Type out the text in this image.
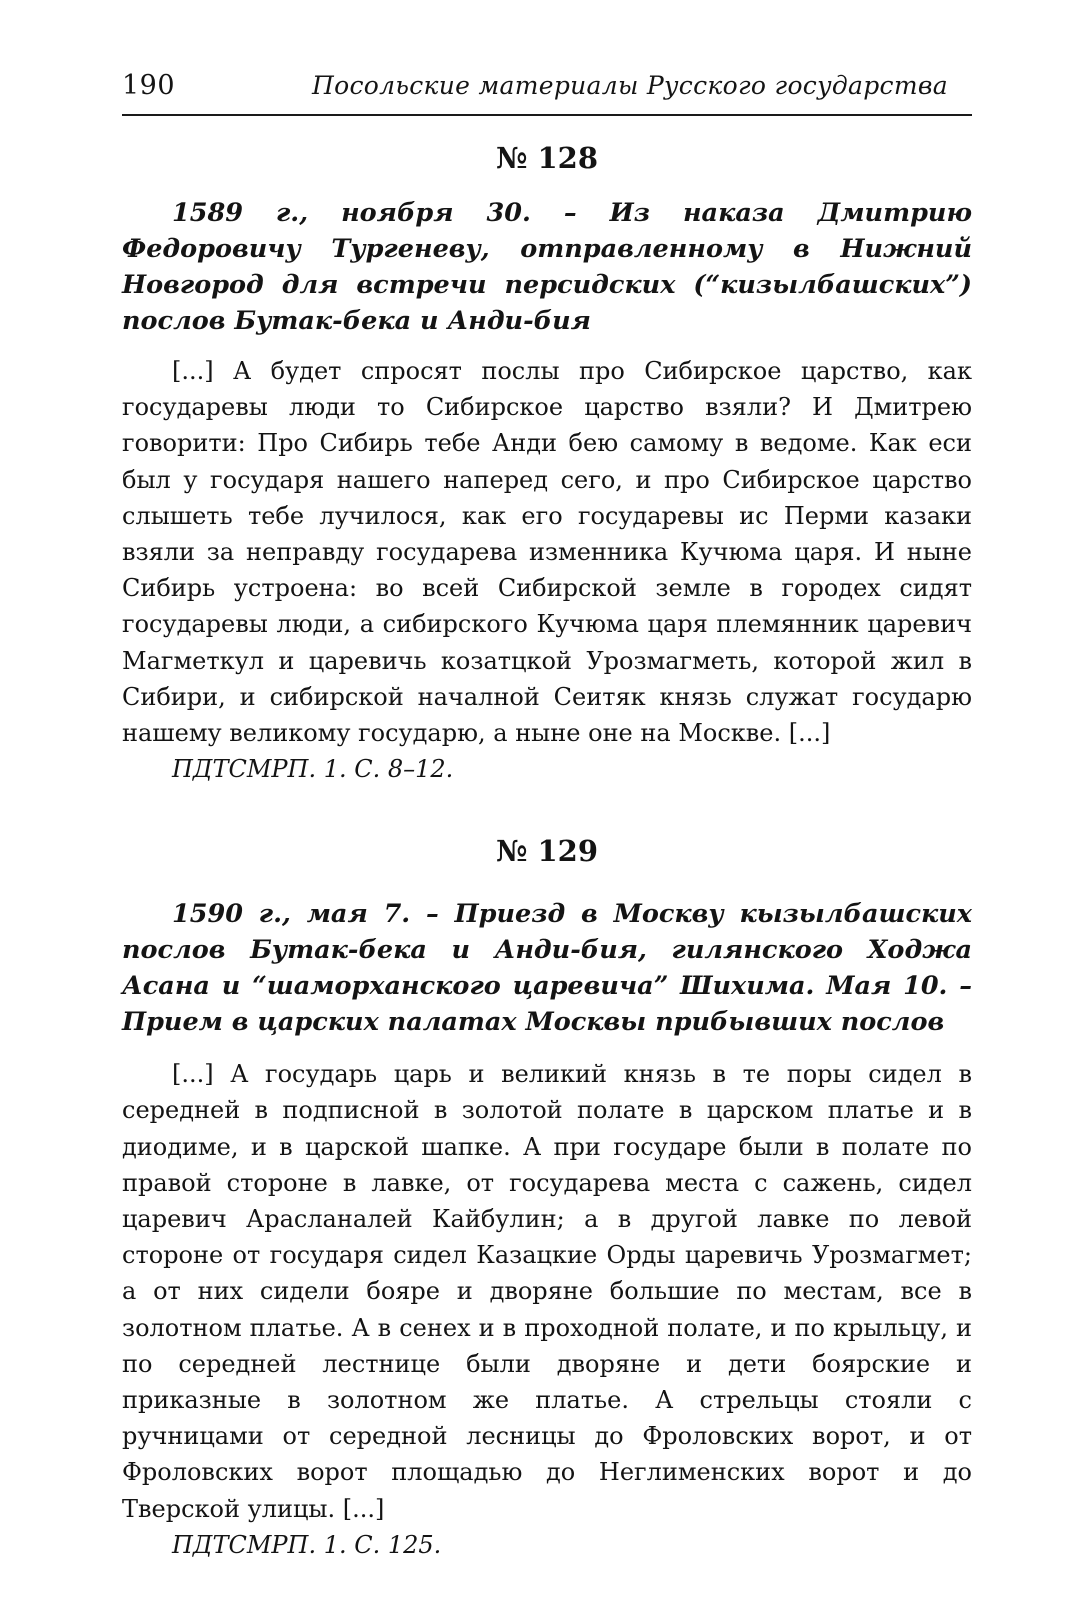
190	Посольские материалы Русского государства
№ 128

1589 г., ноября 30. – Из наказа Дмитрию Федоровичу Тургеневу, отправленному в Нижний Новгород для встречи персидских (“кизылбашских”) послов Бутак-бека и Анди-бия

[...] А будет спросят послы про Сибирское царство, как государевы люди то Сибирское царство взяли? И Дмитрею говорити: Про Сибирь тебе Анди бею самому в ведоме. Как еси был у государя нашего наперед сего, и про Сибирское царство слышеть тебе лучилося, как его государевы ис Перми казаки взяли за неправду государева изменника Кучюма царя. И ныне Сибирь устроена: во всей Сибирской земле в городех сидят государевы люди, а сибирского Кучюма царя племянник царевич Магметкул и царевичь козатцкой Урозмагметь, которой жил в Сибири, и сибирской началной Сеитяк князь служат государю нашему великому государю, а ныне оне на Москве. [...]

ПДТСМРП. 1. С. 8–12.

№ 129

1590 г., мая 7. – Приезд в Москву кызылбашских послов Бутак-бека и Анди-бия, гилянского Ходжа Асана и “шаморханского царевича” Шихима. Мая 10. – Прием в царских палатах Москвы прибывших послов

[...] А государь царь и великий князь в те поры сидел в середней в подписной в золотой полате в царском платье и в диодиме, и в царской шапке. А при государе были в полате по правой стороне в лавке, от государева места с сажень, сидел царевич Арасланалей Кайбулин; а в другой лавке по левой стороне от государя сидел Казацкие Орды царевичь Урозмагмет; а от них сидели бояре и дворяне большие по местам, все в золотном платье. А в сенех и в проходной полате, и по крыльцу, и по середней лестнице были дворяне и дети боярские и приказные в золотном же платье. А стрельцы стояли с ручницами от середной лесницы до Фроловских ворот, и от Фроловских ворот площадью до Неглименских ворот и до Тверской улицы. [...]

ПДТСМРП. 1. С. 125.
